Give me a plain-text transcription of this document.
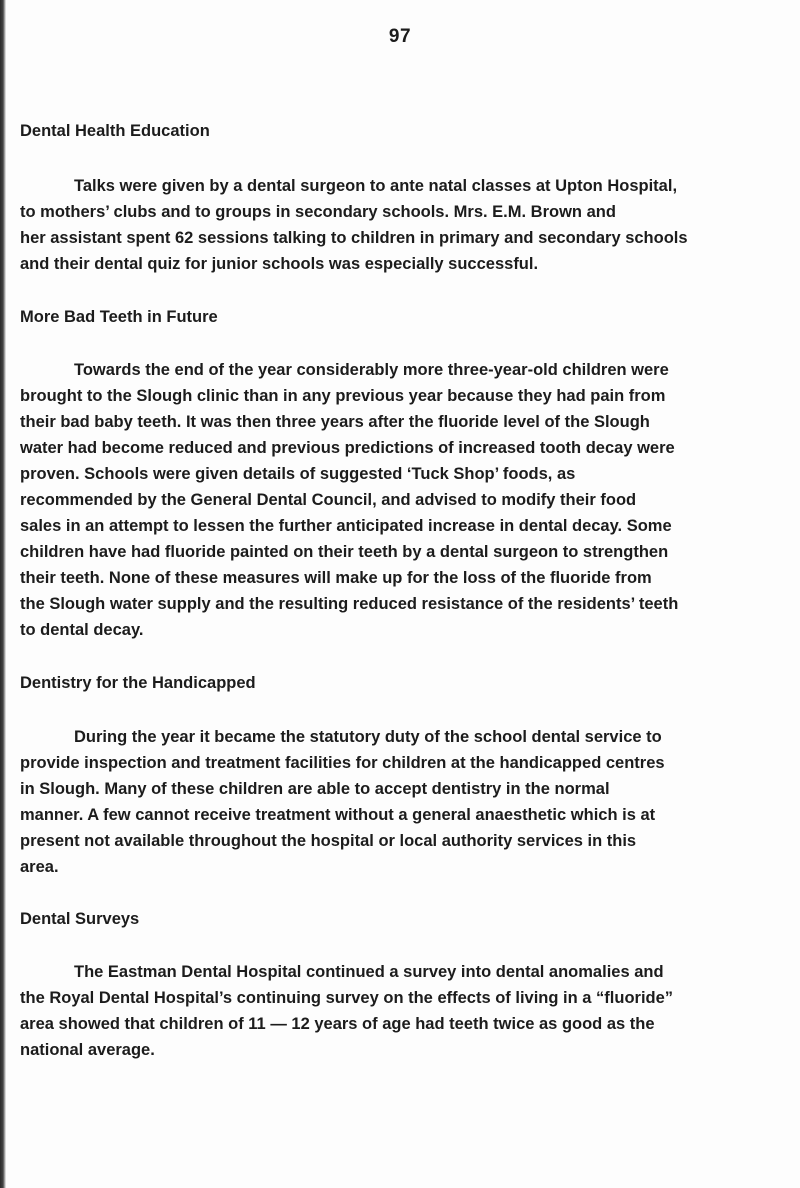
97
Dental Health Education

Talks were given by a dental surgeon to ante natal classes at Upton Hospital,
to mothers’ clubs and to groups in secondary schools. Mrs. E.M. Brown and
her assistant spent 62 sessions talking to children in primary and secondary schools
and their dental quiz for junior schools was especially successful.

More Bad Teeth in Future

Towards the end of the year considerably more three-year-old children were
brought to the Slough clinic than in any previous year because they had pain from
their bad baby teeth. It was then three years after the fluoride level of the Slough
water had become reduced and previous predictions of increased tooth decay were
proven. Schools were given details of suggested ‘Tuck Shop’ foods, as
recommended by the General Dental Council, and advised to modify their food
sales in an attempt to lessen the further anticipated increase in dental decay. Some
children have had fluoride painted on their teeth by a dental surgeon to strengthen
their teeth. None of these measures will make up for the loss of the fluoride from
the Slough water supply and the resulting reduced resistance of the residents’ teeth
to dental decay.

Dentistry for the Handicapped

During the year it became the statutory duty of the school dental service to
provide inspection and treatment facilities for children at the handicapped centres
in Slough. Many of these children are able to accept dentistry in the normal
manner. A few cannot receive treatment without a general anaesthetic which is at
present not available throughout the hospital or local authority services in this
area.

Dental Surveys

The Eastman Dental Hospital continued a survey into dental anomalies and
the Royal Dental Hospital’s continuing survey on the effects of living in a “fluoride”
area showed that children of 11 — 12 years of age had teeth twice as good as the
national average.
